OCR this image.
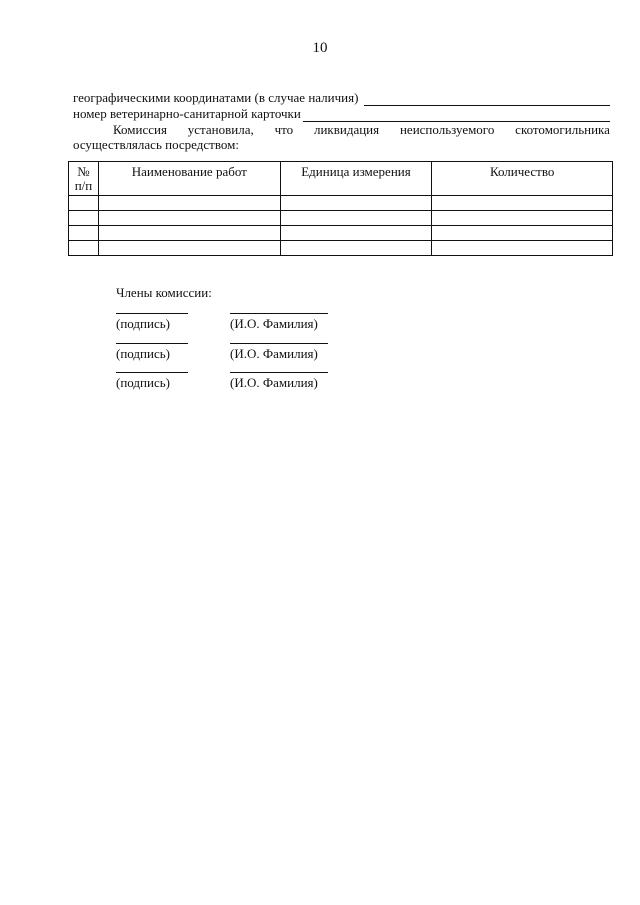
10
географическими координатами (в случае наличия)
номер ветеринарно-санитарной карточки
Комиссия установила, что ликвидация неиспользуемого скотомогильника
осуществлялась посредством:
№
п/п	Наименование работ	Единица измерения	Количество

Члены комиссии:
(подпись)	(И.О. Фамилия)
(подпись)	(И.О. Фамилия)
(подпись)	(И.О. Фамилия)
